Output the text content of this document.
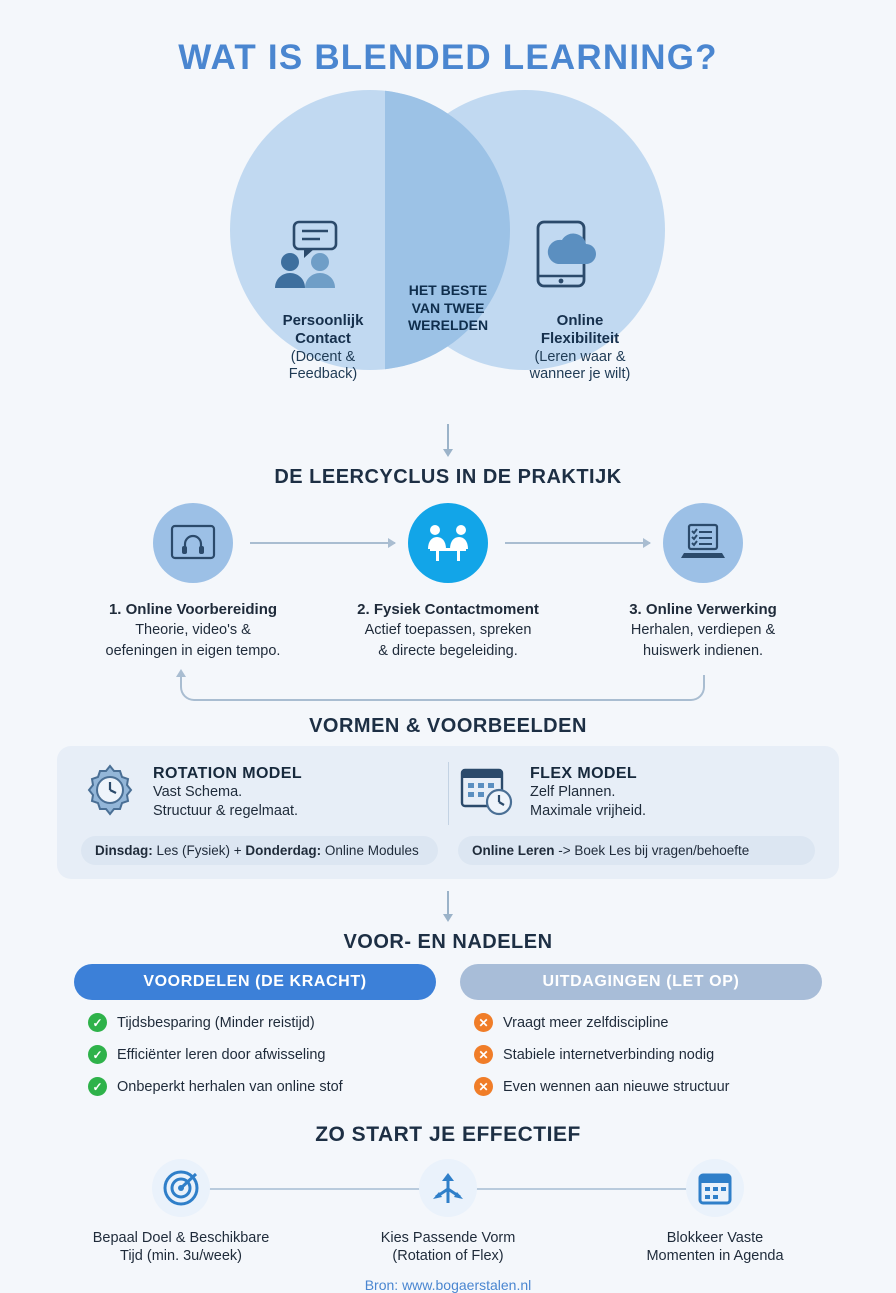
WAT IS BLENDED LEARNING?
HET BESTE
VAN TWEE
WERELDEN
Persoonlijk
Contact
(Docent &
Feedback)
Online
Flexibiliteit
(Leren waar &
wanneer je wilt)
DE LEERCYCLUS IN DE PRAKTIJK
1. Online Voorbereiding
Theorie, video's &
oefeningen in eigen tempo.
2. Fysiek Contactmoment
Actief toepassen, spreken
& directe begeleiding.
3. Online Verwerking
Herhalen, verdiepen &
huiswerk indienen.
VORMEN & VOORBEELDEN
ROTATION MODEL
Vast Schema.
Structuur & regelmaat.
Dinsdag: Les (Fysiek) + Donderdag: Online Modules
FLEX MODEL
Zelf Plannen.
Maximale vrijheid.
Online Leren -> Boek Les bij vragen/behoefte
VOOR- EN NADELEN
VOORDELEN (DE KRACHT)
✓ Tijdsbesparing (Minder reistijd)
✓ Efficiënter leren door afwisseling
✓ Onbeperkt herhalen van online stof
UITDAGINGEN (LET OP)
✕ Vraagt meer zelfdiscipline
✕ Stabiele internetverbinding nodig
✕ Even wennen aan nieuwe structuur
ZO START JE EFFECTIEF
Bepaal Doel & Beschikbare
Tijd (min. 3u/week)
Kies Passende Vorm
(Rotation of Flex)
Blokkeer Vaste
Momenten in Agenda
Bron: www.bogaerstalen.nl
